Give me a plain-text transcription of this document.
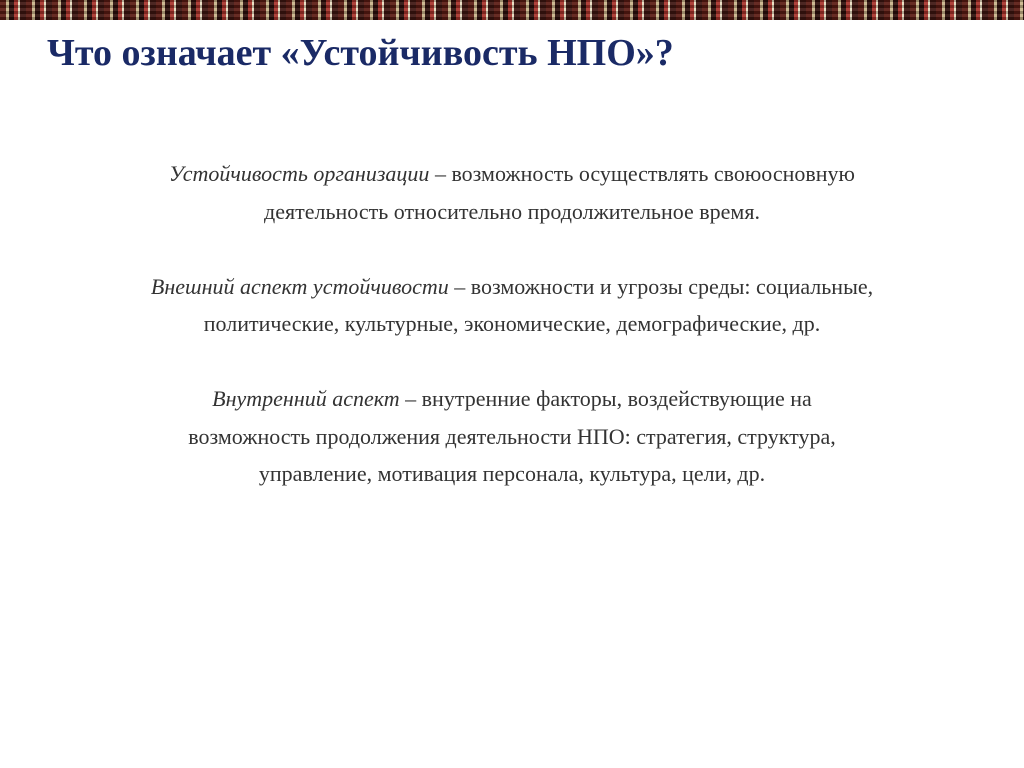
Что означает «Устойчивость НПО»?

Устойчивость организации – возможность осуществлять своюосновную деятельность относительно продолжительное время.

Внешний аспект устойчивости – возможности и угрозы среды: социальные, политические, культурные, экономические, демографические, др.

Внутренний аспект – внутренние факторы, воздействующие на возможность продолжения деятельности НПО: стратегия, структура, управление, мотивация персонала, культура, цели, др.
